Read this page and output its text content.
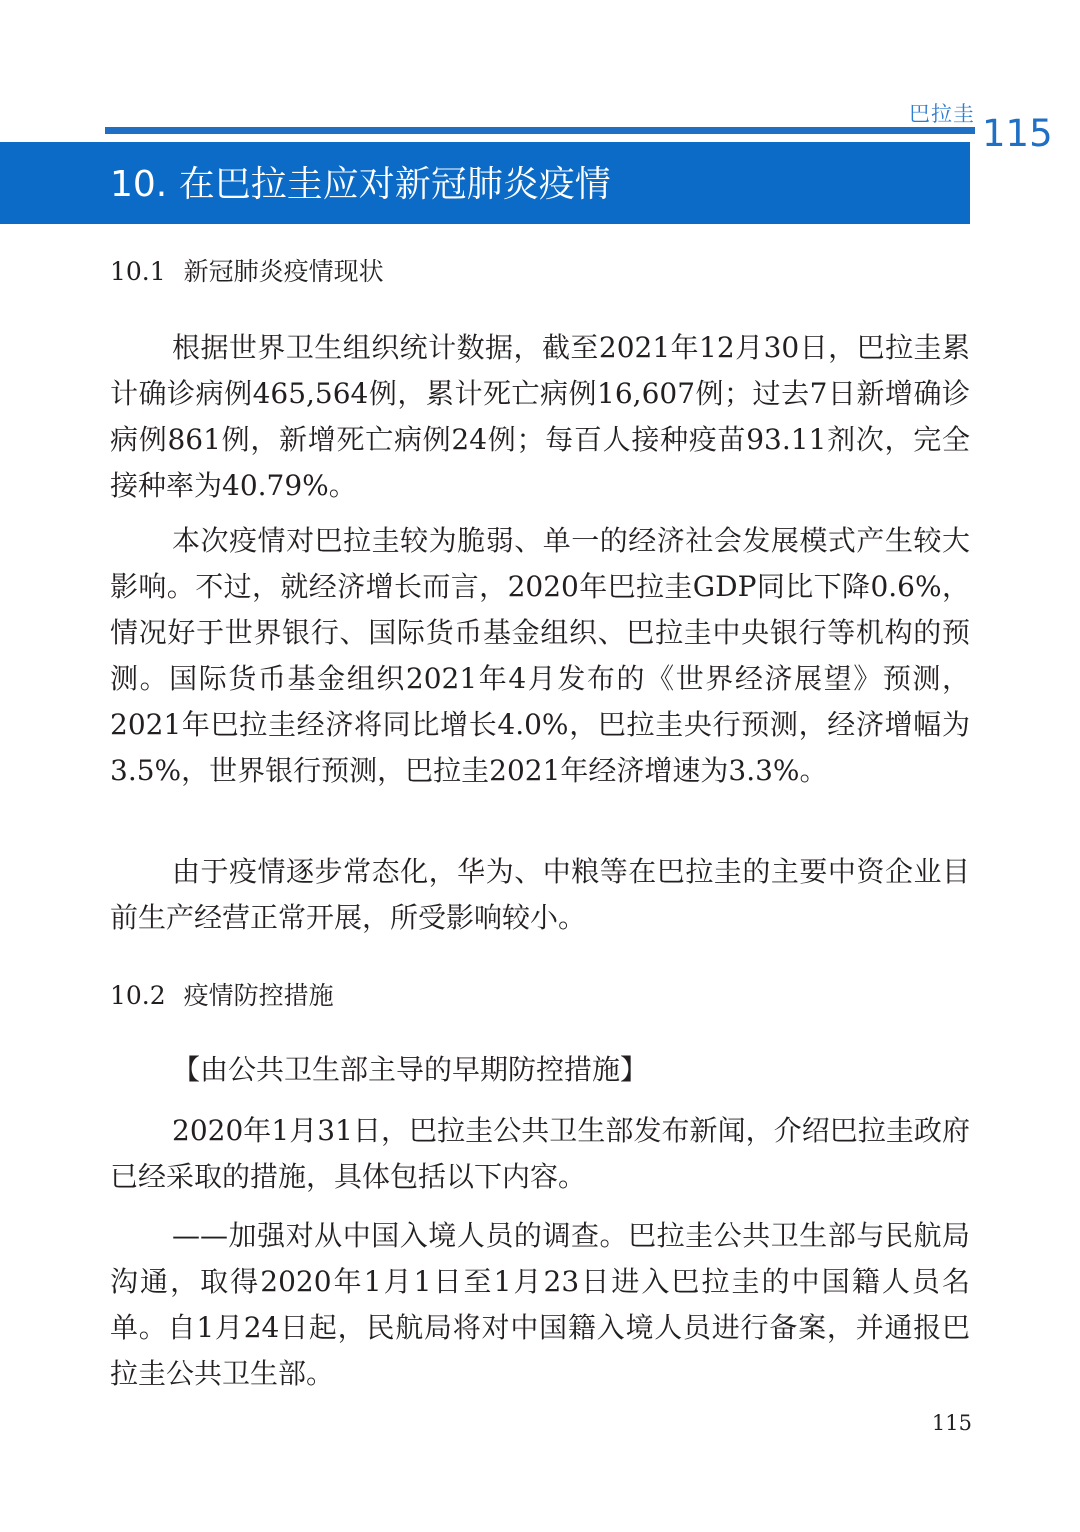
巴拉圭 115
10. 在巴拉圭应对新冠肺炎疫情
10.1 新冠肺炎疫情现状

根据世界卫生组织统计数据，截至2021年12月30日，巴拉圭累计确诊病例465,564例，累计死亡病例16,607例；过去7日新增确诊病例861例，新增死亡病例24例；每百人接种疫苗93.11剂次，完全接种率为40.79%。

本次疫情对巴拉圭较为脆弱、单一的经济社会发展模式产生较大影响。不过，就经济增长而言，2020年巴拉圭GDP同比下降0.6%，情况好于世界银行、国际货币基金组织、巴拉圭中央银行等机构的预测。国际货币基金组织2021年4月发布的《世界经济展望》预测，2021年巴拉圭经济将同比增长4.0%，巴拉圭央行预测，经济增幅为3.5%，世界银行预测，巴拉圭2021年经济增速为3.3%。

由于疫情逐步常态化，华为、中粮等在巴拉圭的主要中资企业目前生产经营正常开展，所受影响较小。

10.2 疫情防控措施
【由公共卫生部主导的早期防控措施】

2020年1月31日，巴拉圭公共卫生部发布新闻，介绍巴拉圭政府已经采取的措施，具体包括以下内容。

——加强对从中国入境人员的调查。巴拉圭公共卫生部与民航局沟通，取得2020年1月1日至1月23日进入巴拉圭的中国籍人员名单。自1月24日起，民航局将对中国籍入境人员进行备案，并通报巴拉圭公共卫生部。

115
